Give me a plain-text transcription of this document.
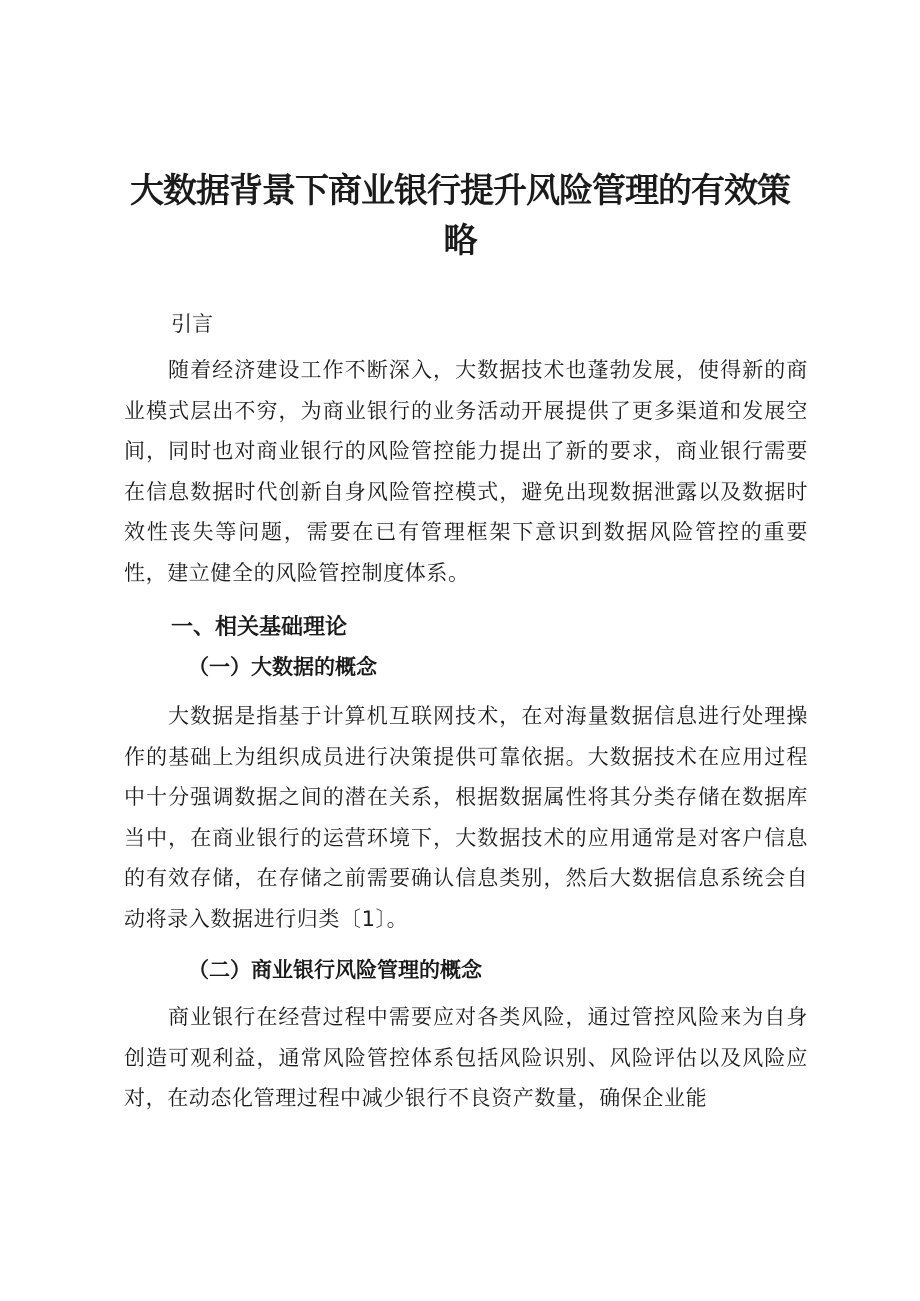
大数据背景下商业银行提升风险管理的有效策略

引言

随着经济建设工作不断深入，大数据技术也蓬勃发展，使得新的商业模式层出不穷，为商业银行的业务活动开展提供了更多渠道和发展空间，同时也对商业银行的风险管控能力提出了新的要求，商业银行需要在信息数据时代创新自身风险管控模式，避免出现数据泄露以及数据时效性丧失等问题，需要在已有管理框架下意识到数据风险管控的重要性，建立健全的风险管控制度体系。

一、相关基础理论
（一）大数据的概念

大数据是指基于计算机互联网技术，在对海量数据信息进行处理操作的基础上为组织成员进行决策提供可靠依据。大数据技术在应用过程中十分强调数据之间的潜在关系，根据数据属性将其分类存储在数据库当中，在商业银行的运营环境下，大数据技术的应用通常是对客户信息的有效存储，在存储之前需要确认信息类别，然后大数据信息系统会自动将录入数据进行归类〔1〕。

（二）商业银行风险管理的概念

商业银行在经营过程中需要应对各类风险，通过管控风险来为自身创造可观利益，通常风险管控体系包括风险识别、风险评估以及风险应对，在动态化管理过程中减少银行不良资产数量，确保企业能
